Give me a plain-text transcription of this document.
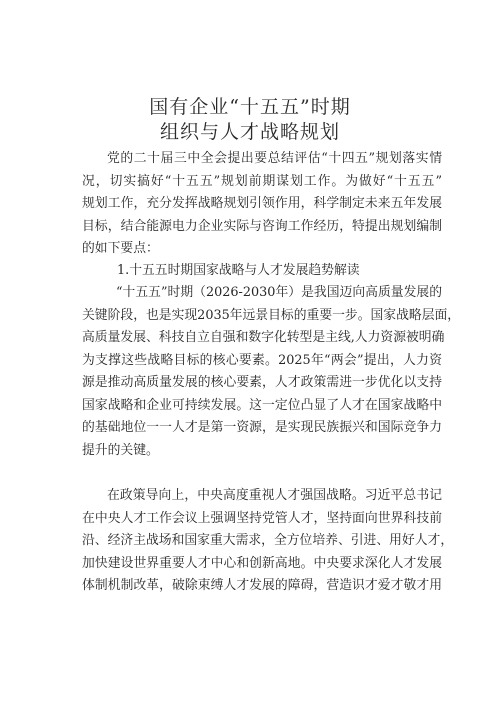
国有企业“十五五”时期
组织与人才战略规划
党的二十届三中全会提出要总结评估“十四五”规划落实情
况，切实搞好“十五五”规划前期谋划工作。为做好“十五五”
规划工作，充分发挥战略规划引领作用，科学制定未来五年发展
目标，结合能源电力企业实际与咨询工作经历，特提出规划编制
的如下要点：
1.十五五时期国家战略与人才发展趋势解读
“十五五”时期（2026-2030年）是我国迈向高质量发展的
关键阶段，也是实现2035年远景目标的重要一步。国家战略层面，
高质量发展、科技自立自强和数字化转型是主线,人力资源被明确
为支撑这些战略目标的核心要素。2025年“两会”提出，人力资
源是推动高质量发展的核心要素，人才政策需进一步优化以支持
国家战略和企业可持续发展。这一定位凸显了人才在国家战略中
的基础地位一一人才是第一资源，是实现民族振兴和国际竞争力
提升的关键。
在政策导向上，中央高度重视人才强国战略。习近平总书记
在中央人才工作会议上强调坚持党管人才，坚持面向世界科技前
沿、经济主战场和国家重大需求，全方位培养、引进、用好人才，
加快建设世界重要人才中心和创新高地。中央要求深化人才发展
体制机制改革，破除束缚人才发展的障碍，营造识才爱才敬才用
